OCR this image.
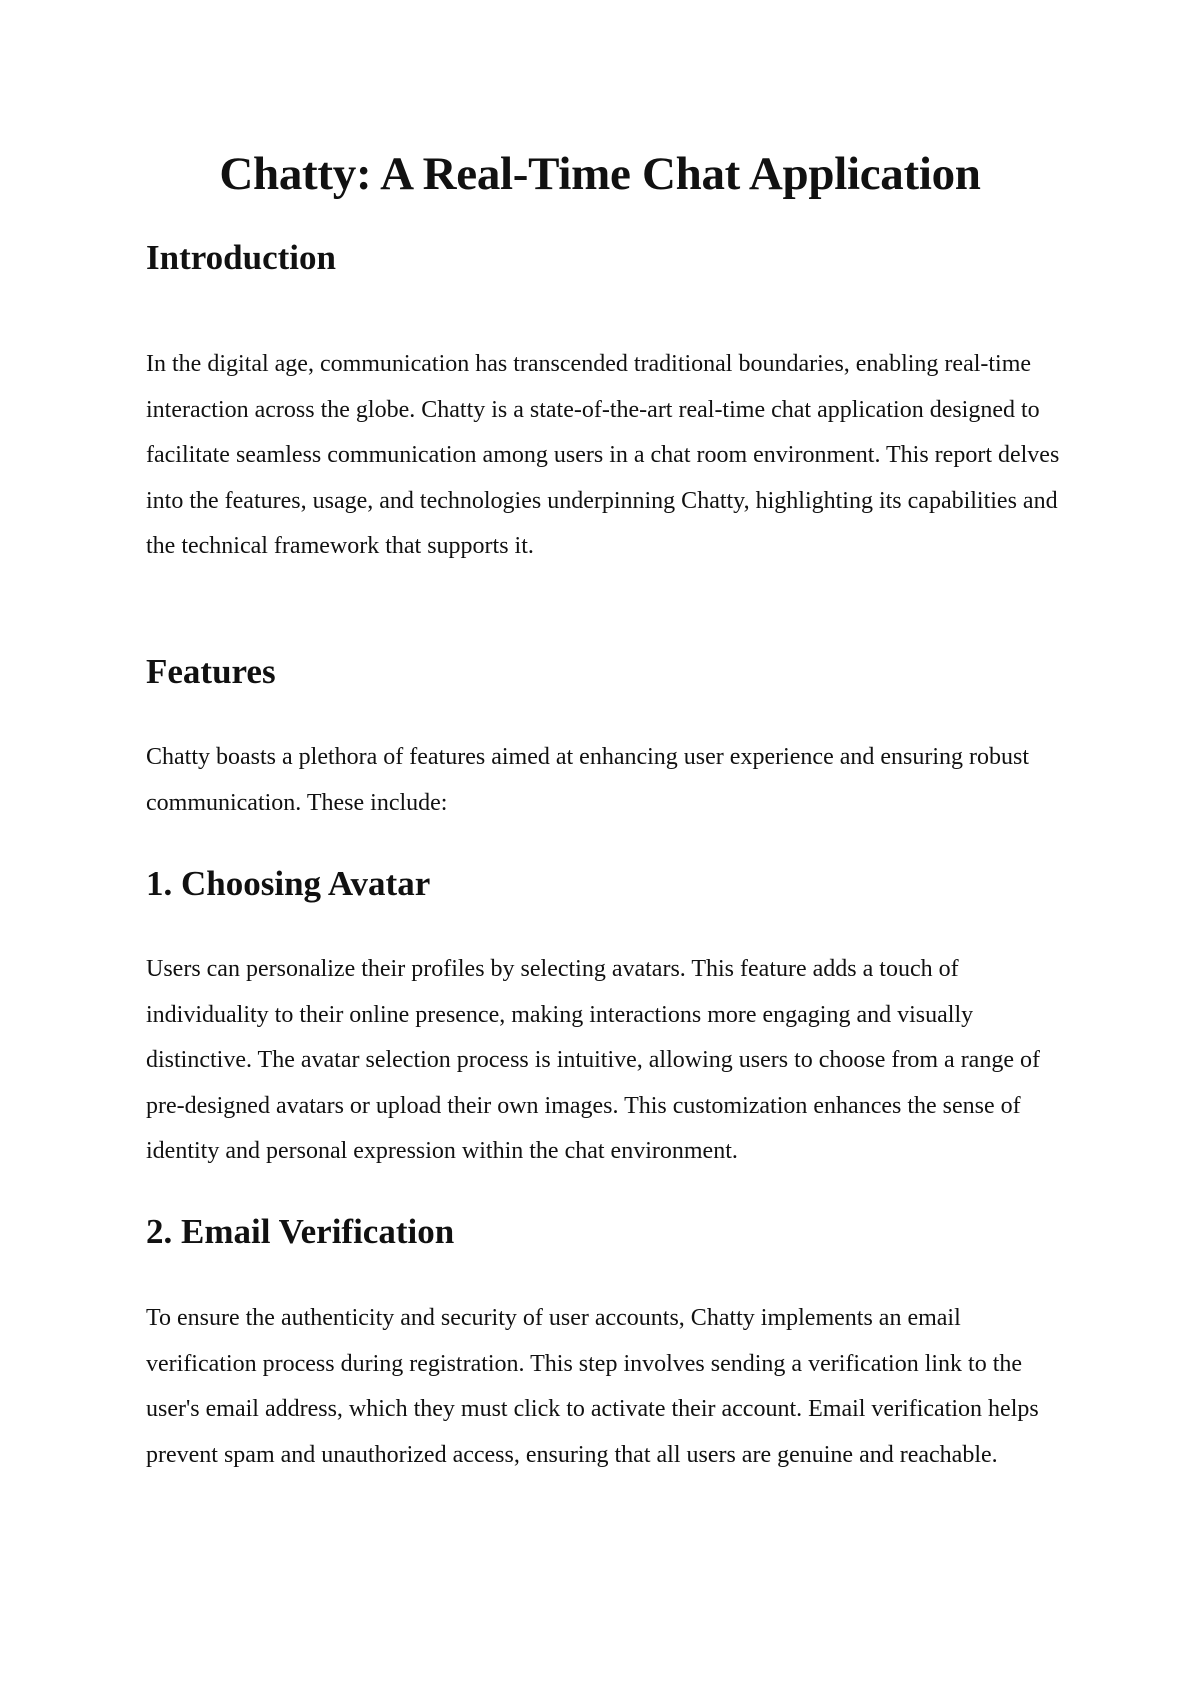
Chatty: A Real-Time Chat Application
Introduction

In the digital age, communication has transcended traditional boundaries, enabling real-time interaction across the globe. Chatty is a state-of-the-art real-time chat application designed to facilitate seamless communication among users in a chat room environment. This report delves into the features, usage, and technologies underpinning Chatty, highlighting its capabilities and the technical framework that supports it.

Features

Chatty boasts a plethora of features aimed at enhancing user experience and ensuring robust communication. These include:

1. Choosing Avatar

Users can personalize their profiles by selecting avatars. This feature adds a touch of individuality to their online presence, making interactions more engaging and visually distinctive. The avatar selection process is intuitive, allowing users to choose from a range of pre-designed avatars or upload their own images. This customization enhances the sense of identity and personal expression within the chat environment.

2. Email Verification

To ensure the authenticity and security of user accounts, Chatty implements an email verification process during registration. This step involves sending a verification link to the user's email address, which they must click to activate their account. Email verification helps prevent spam and unauthorized access, ensuring that all users are genuine and reachable.
